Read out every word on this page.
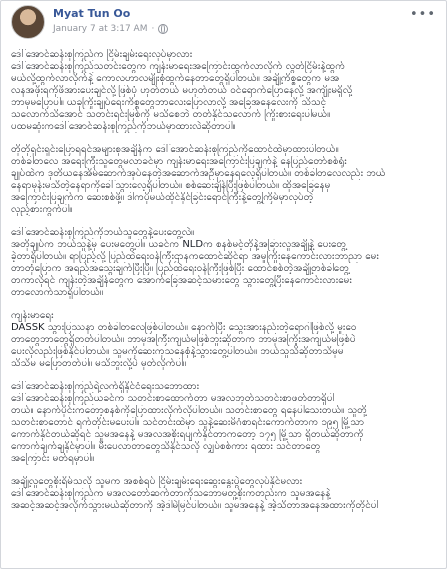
Myat Tun Oo
January 7 at 3:17 AM ·
•••
ဒေါ်အောင်ဆန်းစုကြည်က ငြိမ်းချမ်းရေးလုပ်မှာလား
ဒေါ်အောင်ဆန်းစုကြည်သတင်းတွေက ကျန်းမာရေးအကြောင်းထွက်လာလိုက် လွတ်ငြိမ်းနဲ့ထွက်
မယ်လို့ထွက်လာလိုက်နဲ့ ကောလဟာလမျိုးစုံထွက်နေတာတွေရှိပါတယ်။ အချို့ကိစ္စတွေက မအ
လနအဖိုးရကိုဖိအားပေးချင်လို့ဖြစ်ပုံ ဟုတ်တယ် မဟုတ်တယ် ဝင်ရောက်ပြောနေလို့ အကျိုးမရှိလို့
ဘာမှမပြောပါ။ ယခုကြိုးချုပ်ရေးကိစ္စတွေဘာလေးပြောလာလို့ အခြေအနေလေးကို သိသင့်
သလောက်သိအောင် သတင်းရင်းမြစ်ကို မသိစေဘဲ တတ်နိုင်သလောက် ကြိုးစားရေးပါမယ်။
ပထမဆုံးကဒေါ်အောင်ဆန်းစုကြည်ကိုဘယ်မှာထားလဲဆိုတာပါ။
တိုတိုရှင်းရှင်းပြောရရင်အများစုအချိန်က ဒေါ်အောင်ဆန်းစုကြည်ကိုထောင်ထဲမှာထားပါတယ်။
တစ်ခါတလေ အရေးကြီးသူတွေမလာခင်မှာ ကျန်းမာရေးအကြောင်းပြချက်နဲ့ နေပြည်တော်စစ်ရုံး
ချုပ်ထဲက ဒုတိယနေအိမ်ဆောက်အုပ်နေတဲ့အဆောက်အဦမှာနေရလေ့ရှိပါတယ်။ တစ်ခါတလေလည်း ဘယ်
နေရာမှန်းမသိတဲ့နေရာကိုခေါ်သွားလေ့ရှိပါတယ်။ စစ်ဆေးချိန်ပြီးဖြစ်ပါတယ်။ ထိုအခြေနေမှ
အကြောင်းပြချက်က ဆေးစစ်ဖို့။ ဒါကပိုမယ်ထိုင်နိုင်ခြင်းရောင်ကြီးနဲ့တွေ့ကြိမ်မှာလုပ်တဲ့
လှည့်စားကွက်ပါ။
ဒေါ်အောင်ဆန်းစုကြည်ကိုဘယ်သူတွေနဲ့ပေးတွေ့လဲ။
အတိုချုပ်က ဘယ်သူနဲ့မှ ပေးမတွေ့ပါ။ ယခင်က NLDက စနစ်မင့်တိုနဲ့အခြားလူအချို့နဲ့ ပေးတွေ့
ခဲ့တာရှိပါတယ်။ ရာပြည့်လို့ ပြည်ထဲရေးဝန်ကြီးဌာနကထောင်ဆိုင်ရာ အမှုကြိုးနေကောင်းလားဘာညာ မေး
တာတုံပြောက အရည်အသွေးချက်ပြီးပြီ။ ပြည်ထဲရေးဝန်ကြီးဖြစ်ပြီး ထောင်စစ်တဲ့အချို့တစ်ခါတွေ့
တကာလိုရင် ကျန်းတဲ့အချိန်တွေက အောက်ခြေအဆင့်သမားတွေ သွားတွေ့ပြီးနေကောင်းလားမေး
တာလောက်သာရှိပါတယ်။
ကျန်းမာရေး
DASSK သွားပြဿနာ တစ်ခါတလေဖြစ်ပါတယ်။ နောက်ပြီး သွေးအားနည်းတဲ့ရောဂါဖြစ်လို့ မူးဝေ
တာတွေဘာတွေရှိတတ်ပါတယ်။ ဘာမှအကြီးကျယ်မဖြစ်ဘူးဆိုတာက ဘာမှအကြိုးအကျယ်မဖြစ်ပဲ
ပေးလိုလည်းဖြစ်နိုင်ပါတယ်။ သူမကိုဆေးကုသနေစုံနဲ့သွားတွေ့ပါတယ်။ ဘယ်သူသိဆိုတာသိမှမ
သိသိမ မပြောတတ်ပါ။ မသိဘူးလို့ပဲ မုတ်လိုက်ပါ။
ဒေါ်အောင်ဆန်းစုကြည်ရဲ့လက်ရှိနိုင်ငံရေးသဘောထား
ဒေါ်အောင်ဆန်းစုကြည်ယခင်က သတင်းစာထောက်တာ မအလဘုတ်သတင်းစာဖတ်တာရှိပါ
တယ်။ နောက်ပိုင်းကတော့စနစ်ကိုပြောထားလိုက်လိုပါတယ်။ သတင်းစာတွေ ရနေပါသေးတယ်။ သူတို့
သတင်းစာတောင် ရက်တိုင်းမပေးပါ။ သင်တင်းထဲမှာ သူနဲ့ဆေးမိဂံစာရင်းကောက်တာက ၁၉၅ မြို့သာ
ကောက်နိုင်တယ်ဆိုရင် သူမအနေနဲ့ မအလအစိုးရပျက်နိုင်တာကတော့ ၁၇၅ မြို့သာ ရှိတယ်ဆိုတာကို
ကောက်ချက်ချနိုင်မှာပါ။ မီးပေလာတာတွေသိနိုင်သလို လျှပ်စစ်ကား ရထား သင်တာတွေ
အကြောင်း မတ်ရမှာပါ။
အချို့လူတွေစိုးရိမ်သလို သူမက အစစ်ရပ် ငြိမ်းချမ်းရေးဆွေးနွေးပွဲတွေလုပ်နိုင်မလား
ဒေါ်အောင်ဆန်းစုကြည်က မအလတော်ဆက်တာကိုသဘောမတူ့စိုးကတည်းက သူမအနေနဲ့
အဆင့်အဆင့်အလိုက်သွားမယ်ဆိုတာကို အဲ့ဒါမဲမြင်ပါတယ်။ သူမအနေနဲ့ အဲ့သိတာအနေအထားကိုတိုင်ပါ
